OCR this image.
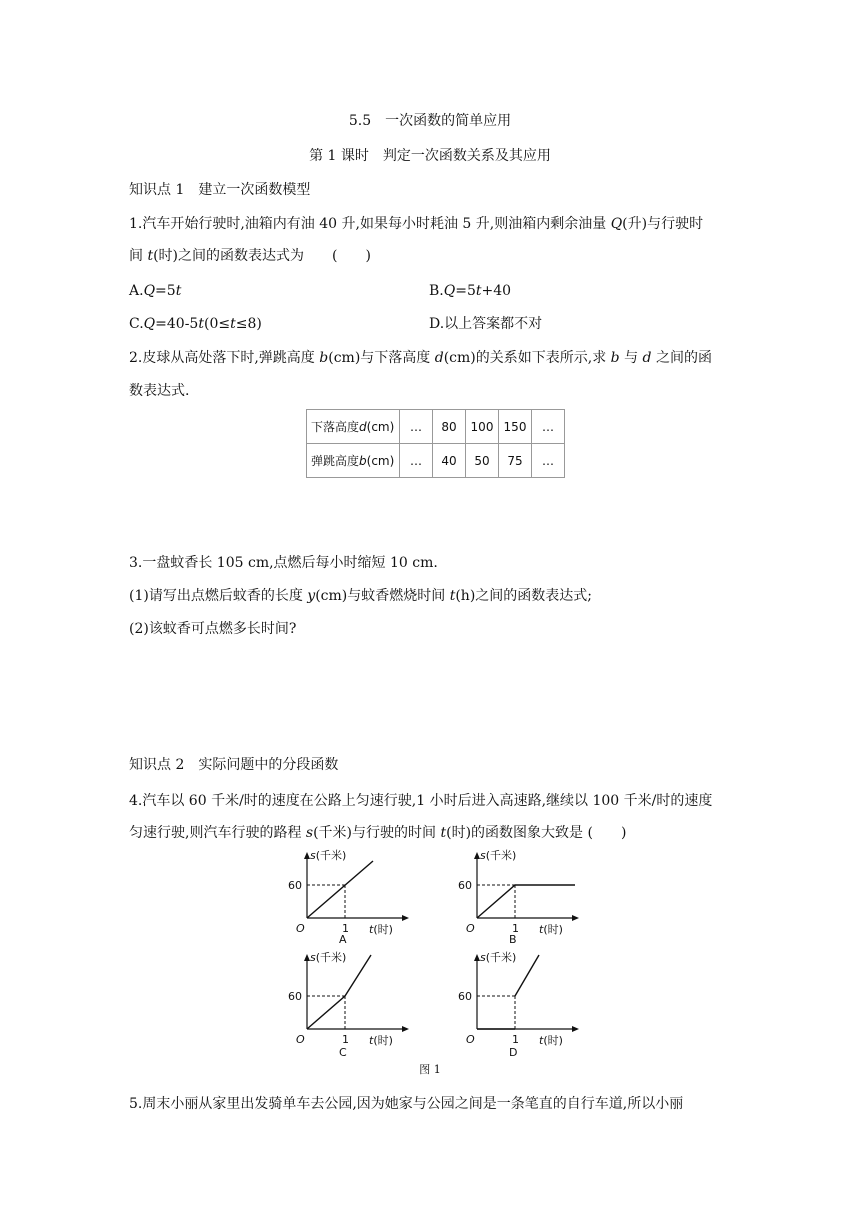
5.5　一次函数的简单应用
第 1 课时　判定一次函数关系及其应用
知识点 1　建立一次函数模型
1.汽车开始行驶时,油箱内有油 40 升,如果每小时耗油 5 升,则油箱内剩余油量 Q(升)与行驶时
间 t(时)之间的函数表达式为　　(　　)
A.Q=5t	B.Q=5t+40
C.Q=40-5t(0≤t≤8)	D.以上答案都不对
2.皮球从高处落下时,弹跳高度 b(cm)与下落高度 d(cm)的关系如下表所示,求 b 与 d 之间的函
数表达式.
下落高度d(cm)	…	80	100	150	…
弹跳高度b(cm)	…	40	50	75	…
3.一盘蚊香长 105 cm,点燃后每小时缩短 10 cm.
(1)请写出点燃后蚊香的长度 y(cm)与蚊香燃烧时间 t(h)之间的函数表达式;
(2)该蚊香可点燃多长时间?
知识点 2　实际问题中的分段函数
4.汽车以 60 千米/时的速度在公路上匀速行驶,1 小时后进入高速路,继续以 100 千米/时的速度
匀速行驶,则汽车行驶的路程 s(千米)与行驶的时间 t(时)的函数图象大致是 (　　)
s(千米)
t(时)
O
60
1
A
s(千米)
t(时)
O
60
1
B
s(千米)
t(时)
O
60
1
C
s(千米)
t(时)
O
60
1
D
图 1
5.周末小丽从家里出发骑单车去公园,因为她家与公园之间是一条笔直的自行车道,所以小丽
